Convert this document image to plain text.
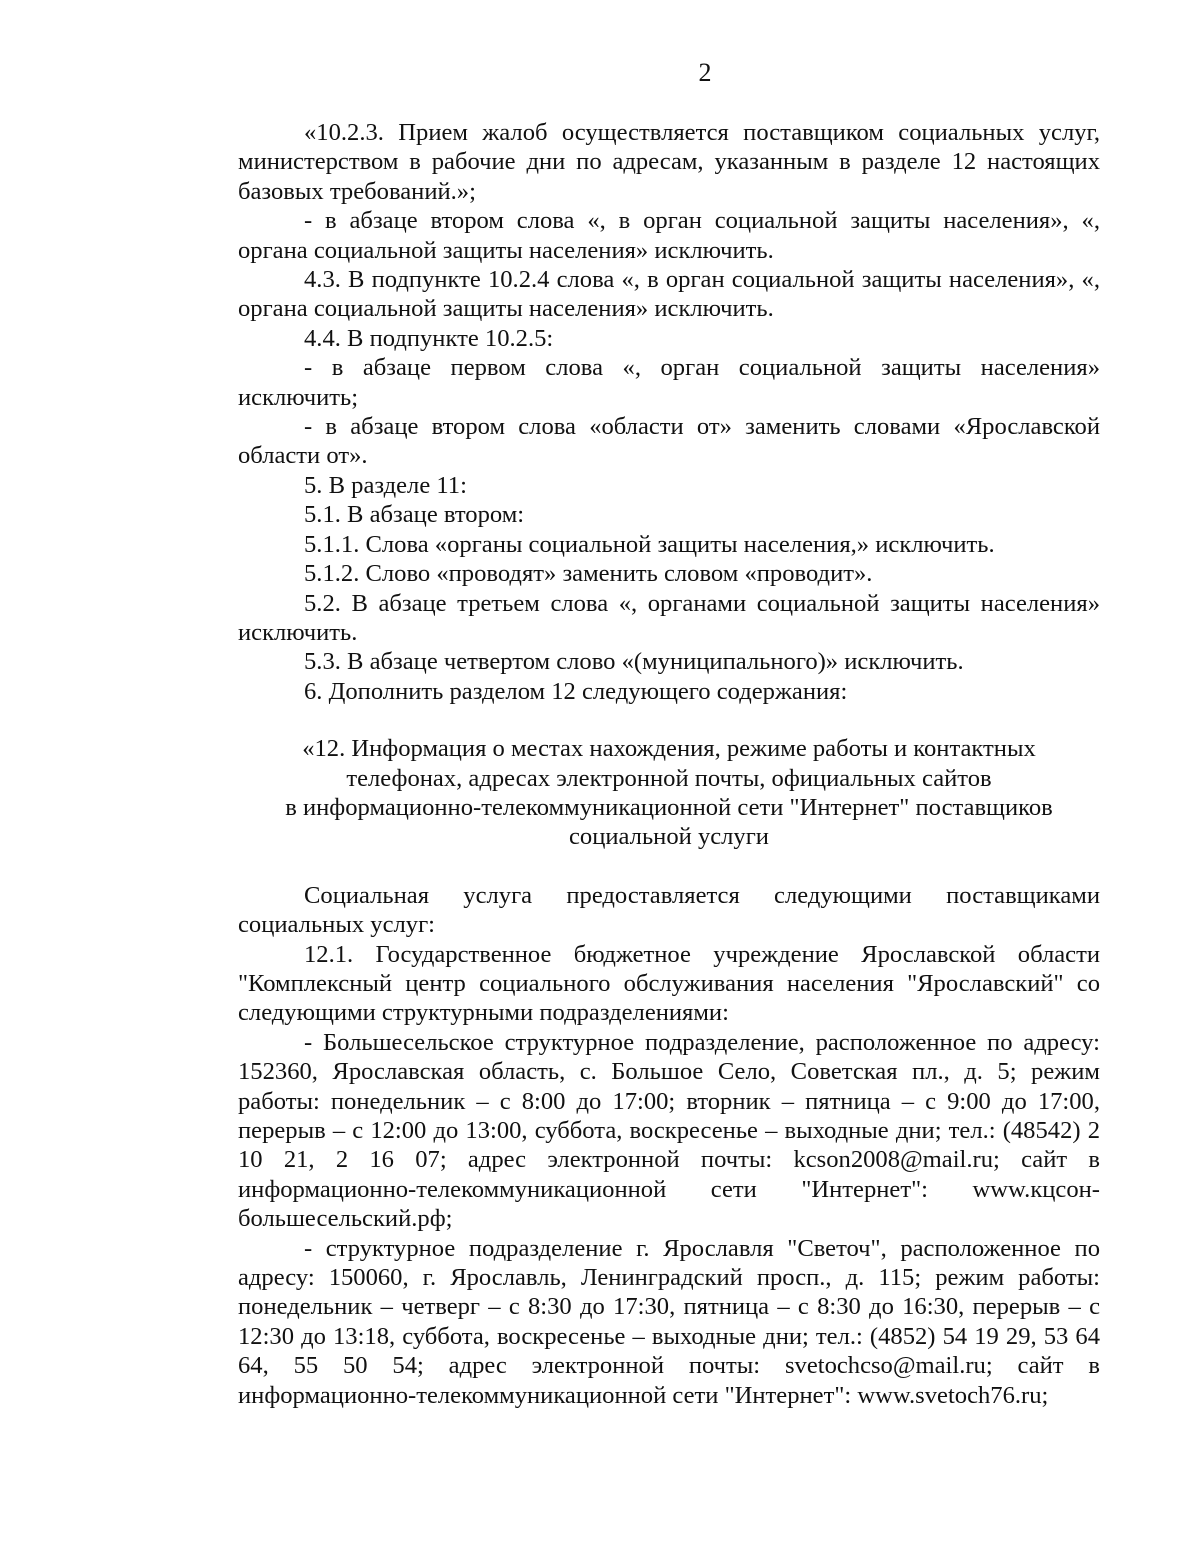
2

«10.2.3. Прием жалоб осуществляется поставщиком социальных услуг, министерством в рабочие дни по адресам, указанным в разделе 12 настоящих базовых требований.»;

- в абзаце втором слова «, в орган социальной защиты населения», «, органа социальной защиты населения» исключить.

4.3. В подпункте 10.2.4 слова «, в орган социальной защиты населения», «, органа социальной защиты населения» исключить.

4.4. В подпункте 10.2.5:

- в абзаце первом слова «, орган социальной защиты населения» исключить;

- в абзаце втором слова «области от» заменить словами «Ярославской области от».

5. В разделе 11:

5.1. В абзаце втором:

5.1.1. Слова «органы социальной защиты населения,» исключить.

5.1.2. Слово «проводят» заменить словом «проводит».

5.2. В абзаце третьем слова «, органами социальной защиты населения» исключить.

5.3. В абзаце четвертом слово «(муниципального)» исключить.

6. Дополнить разделом 12 следующего содержания:

«12. Информация о местах нахождения, режиме работы и контактных
телефонах, адресах электронной почты, официальных сайтов
в информационно-телекоммуникационной сети "Интернет" поставщиков
социальной услуги

Социальная услуга предоставляется следующими поставщиками социальных услуг:

12.1. Государственное бюджетное учреждение Ярославской области "Комплексный центр социального обслуживания населения "Ярославский" со следующими структурными подразделениями:

- Большесельское структурное подразделение, расположенное по адресу: 152360, Ярославская область, с. Большое Село, Советская пл., д. 5; режим работы: понедельник – с 8:00 до 17:00; вторник – пятница – с 9:00 до 17:00, перерыв – с 12:00 до 13:00, суббота, воскресенье – выходные дни; тел.: (48542) 2 10 21, 2 16 07; адрес электронной почты: kcson2008@mail.ru; сайт в информационно-телекоммуникационной сети "Интернет": www.кцсон-большесельский.рф;

- структурное подразделение г. Ярославля "Светоч", расположенное по адресу: 150060, г. Ярославль, Ленинградский просп., д. 115; режим работы: понедельник – четверг – с 8:30 до 17:30, пятница – с 8:30 до 16:30, перерыв – с 12:30 до 13:18, суббота, воскресенье – выходные дни; тел.: (4852) 54 19 29, 53 64 64, 55 50 54; адрес электронной почты: svetochcso@mail.ru; сайт в информационно-телекоммуникационной сети "Интернет": www.svetoch76.ru;
